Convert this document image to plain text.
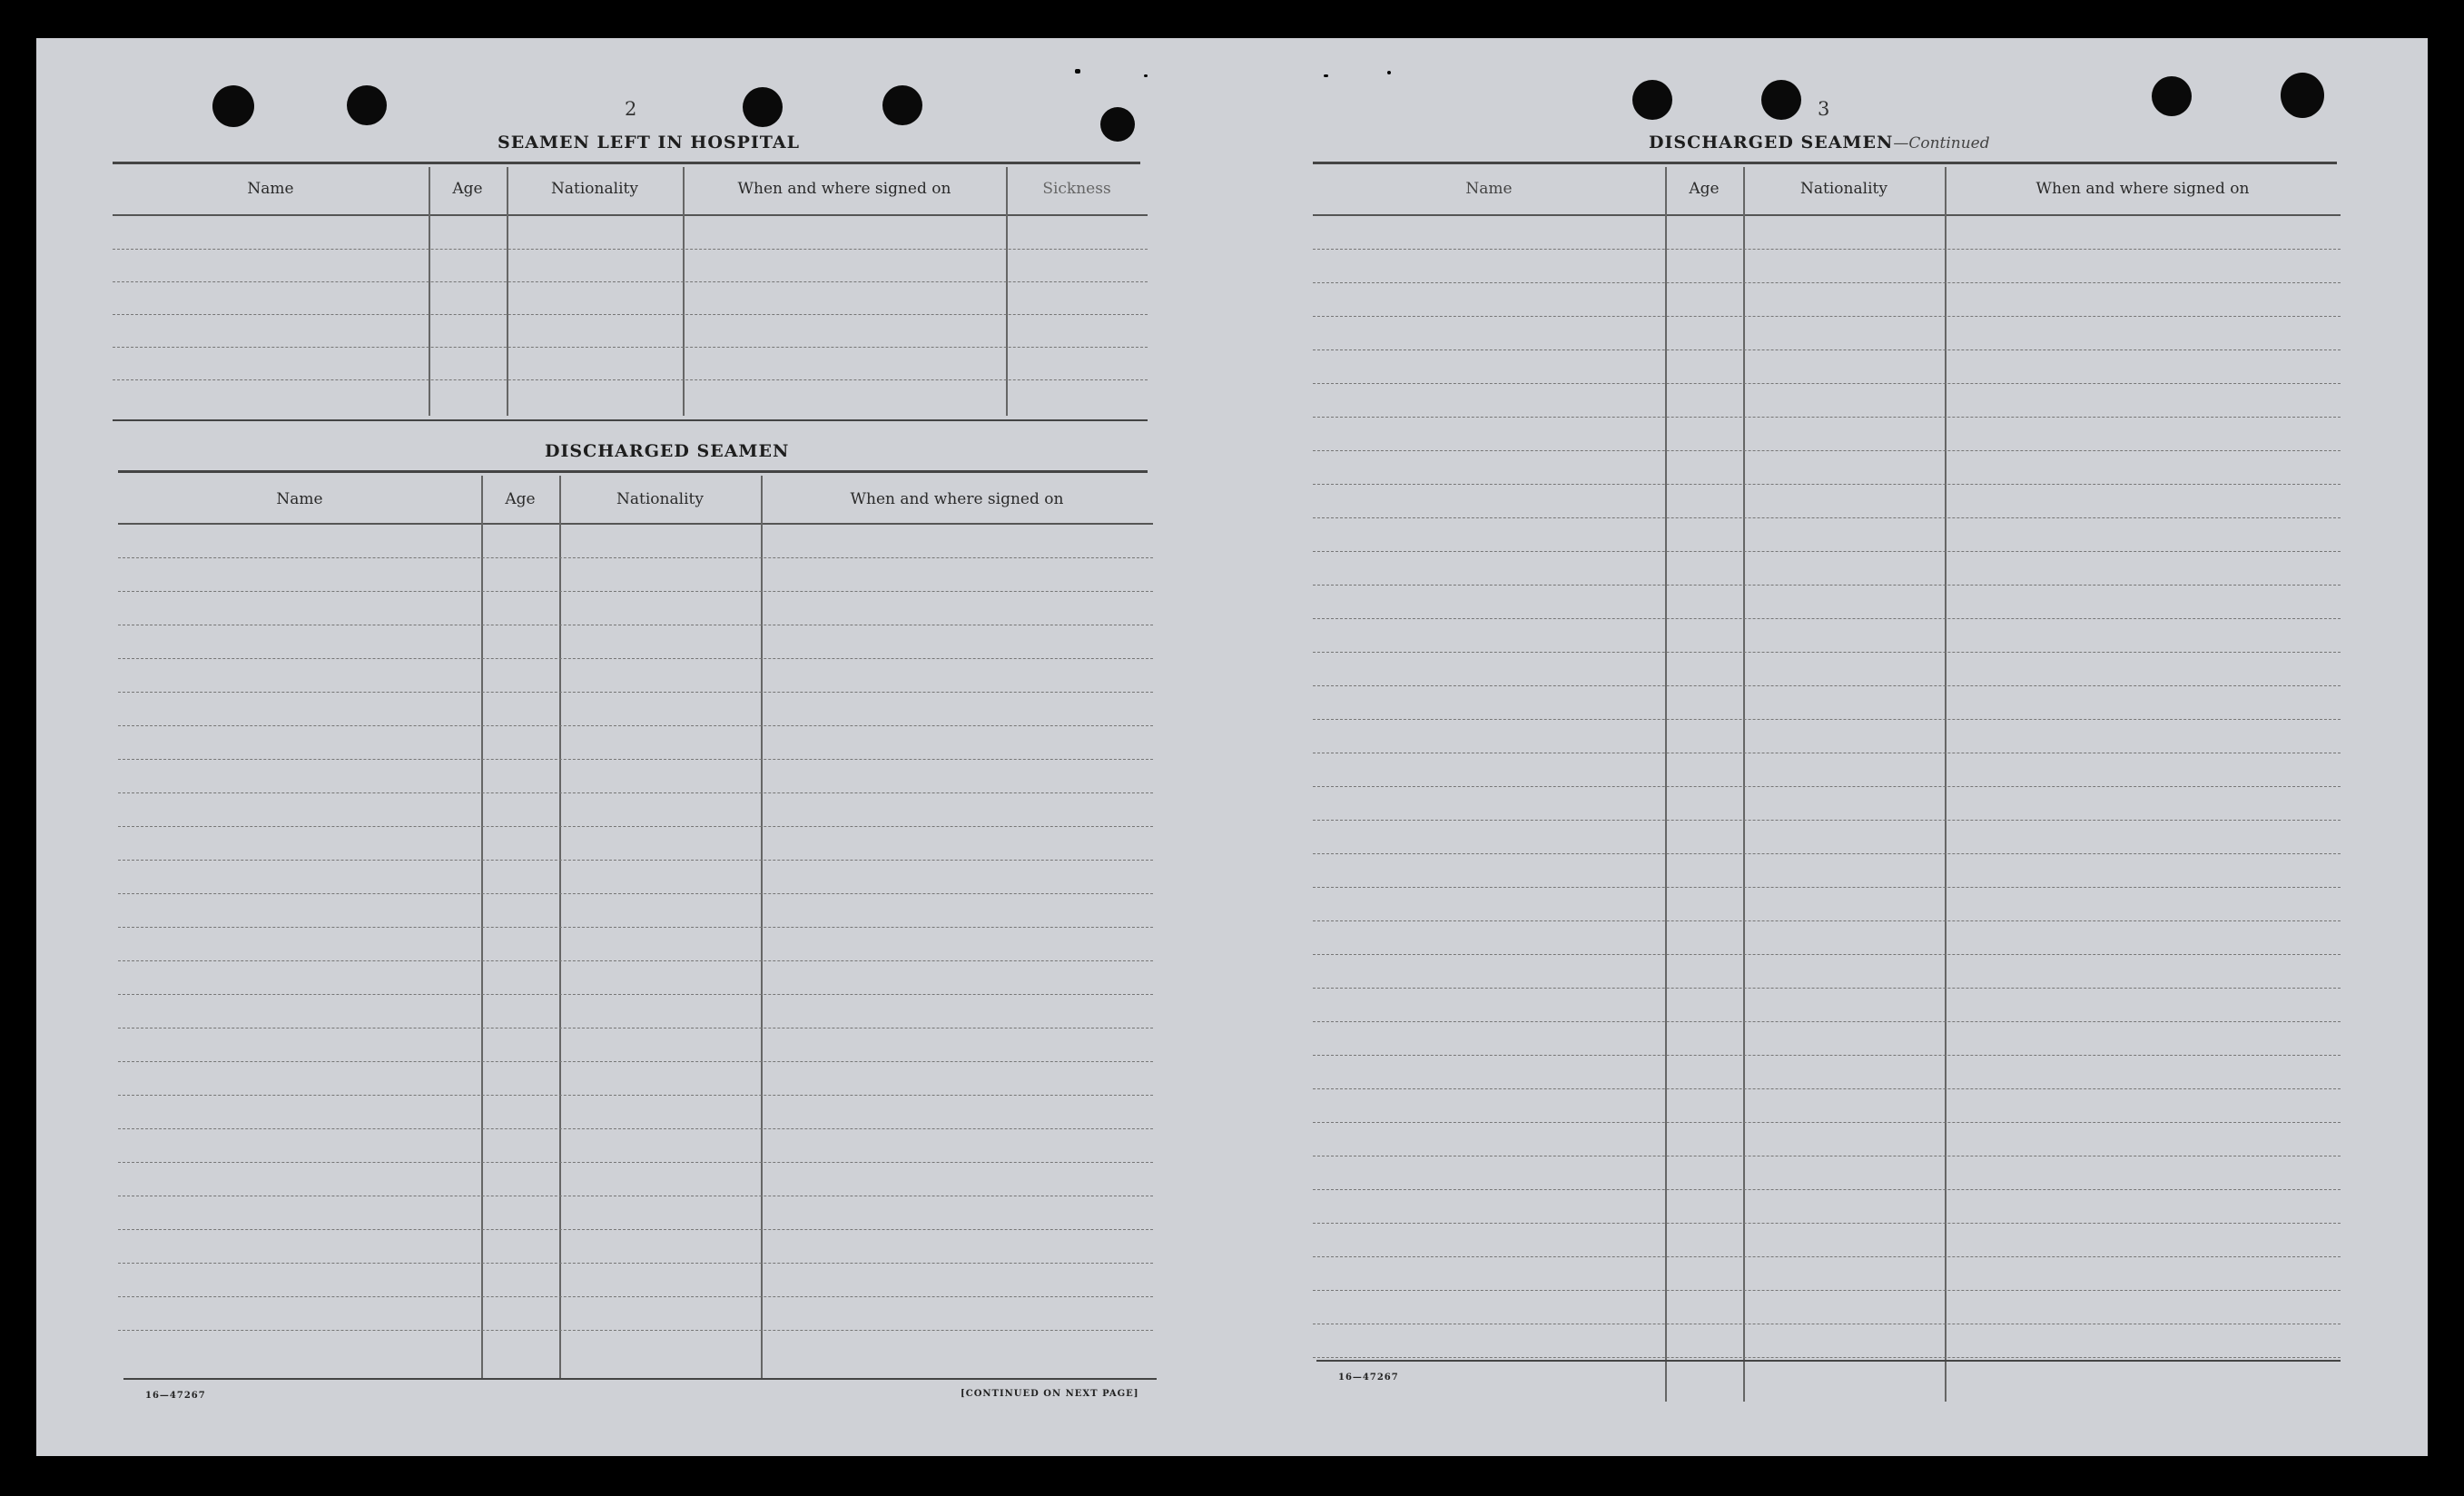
2
SEAMEN LEFT IN HOSPITAL
Name	Age	Nationality	When and where signed on	Sickness
DISCHARGED SEAMEN
Name	Age	Nationality	When and where signed on
16—47267	[CONTINUED ON NEXT PAGE]
3
DISCHARGED SEAMEN—Continued
Name	Age	Nationality	When and where signed on
16—47267
